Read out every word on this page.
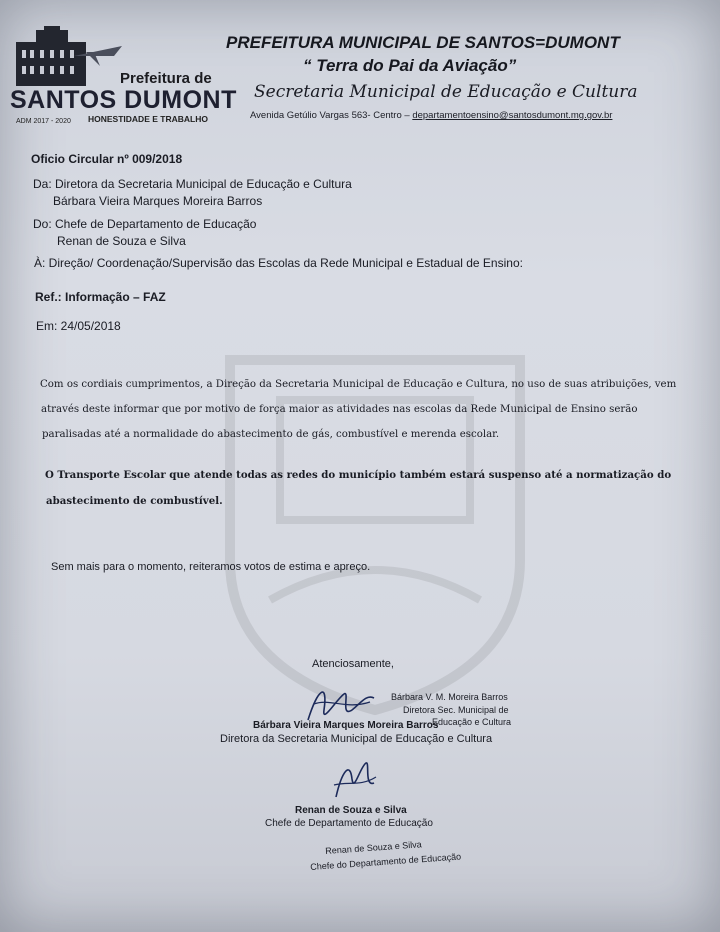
Prefeitura de
SANTOS DUMONT
ADM 2017 - 2020 HONESTIDADE E TRABALHO
PREFEITURA MUNICIPAL DE SANTOS=DUMONT
“ Terra do Pai da Aviação”
Secretaria Municipal de Educação e Cultura
Avenida Getúlio Vargas 563- Centro – departamentoensino@santosdumont.mg.gov.br
Oficio Circular nº 009/2018
Da: Diretora da Secretaria Municipal de Educação e Cultura
Bárbara Vieira Marques Moreira Barros
Do: Chefe de Departamento de Educação
Renan de Souza e Silva
À: Direção/ Coordenação/Supervisão das Escolas da Rede Municipal e Estadual de Ensino:
Ref.: Informação – FAZ
Em: 24/05/2018
Com os cordiais cumprimentos, a Direção da Secretaria Municipal de Educação e Cultura, no uso de suas atribuições, vem
através deste informar que por motivo de força maior as atividades nas escolas da Rede Municipal de Ensino serão
paralisadas até a normalidade do abastecimento de gás, combustível e merenda escolar.
O Transporte Escolar que atende todas as redes do município também estará suspenso até a normatização do
abastecimento de combustível.
Sem mais para o momento, reiteramos votos de estima e apreço.
Atenciosamente,
Bárbara V. M. Moreira Barros
Diretora Sec. Municipal de
Educação e Cultura
Bárbara Vieira Marques Moreira Barros
Diretora da Secretaria Municipal de Educação e Cultura
Renan de Souza e Silva
Chefe de Departamento de Educação
Renan de Souza e Silva
Chefe do Departamento de Educação
